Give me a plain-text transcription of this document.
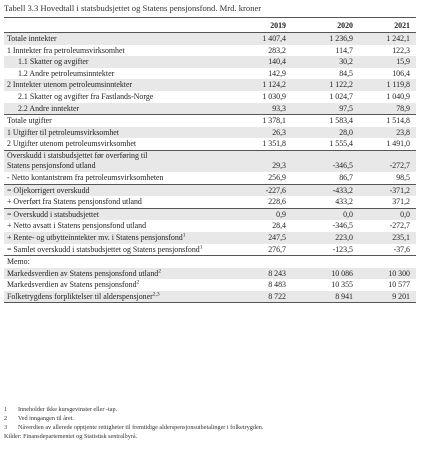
Tabell 3.3 Hovedtall i statsbudsjettet og Statens pensjonsfond. Mrd. kroner
2019	2020	2021
Totale inntekter	1 407,4	1 236,9	1 242,1
1 Inntekter fra petroleumsvirksomhet	283,2	114,7	122,3
1.1 Skatter og avgifter	140,4	30,2	15,9
1.2 Andre petroleumsinntekter	142,9	84,5	106,4
2 Inntekter utenom petroleumsinntekter	1 124,2	1 122,2	1 119,8
2.1 Skatter og avgifter fra Fastlands-Norge	1 030,9	1 024,7	1 040,9
2.2 Andre inntekter	93,3	97,5	78,9
Totale utgifter	1 378,1	1 583,4	1 514,8
1 Utgifter til petroleumsvirksomhet	26,3	28,0	23,8
2 Utgifter utenom petroleumsvirksomhet	1 351,8	1 555,4	1 491,0
Overskudd i statsbudsjettet før overføring til
Statens pensjonsfond utland	29,3	-346,5	-272,7
- Netto kontantstrøm fra petroleumsvirksomheten	256,9	86,7	98,5
= Oljekorrigert overskudd	-227,6	-433,2	-371,2
+ Overført fra Statens pensjonsfond utland	228,6	433,2	371,2
= Overskudd i statsbudsjettet	0,9	0,0	0,0
+ Netto avsatt i Statens pensjonsfond utland	28,4	-346,5	-272,7
+ Rente- og utbytteinntekter mv. i Statens pensjonsfond$^1$	247,5	223,0	235,1
= Samlet overskudd i statsbudsjettet og Statens pensjonsfond$^1$	276,7	-123,5	-37,6
Memo:
Markedsverdien av Statens pensjonsfond utland$^2$	8 243	10 086	10 300
Markedsverdien av Statens pensjonsfond$^2$	8 483	10 355	10 577
Folketrygdens forpliktelser til alderspensjoner$^{2,3}$	8 722	8 941	9 201
1 Inneholder ikke kursgevinster eller -tap.
2 Ved inngangen til året.
3 Nåverdien av allerede opptjente rettigheter til fremtidige alderspensjonsutbetalinger i folketrygden.
Kilder: Finansdepartementet og Statistisk sentralbyrå.
